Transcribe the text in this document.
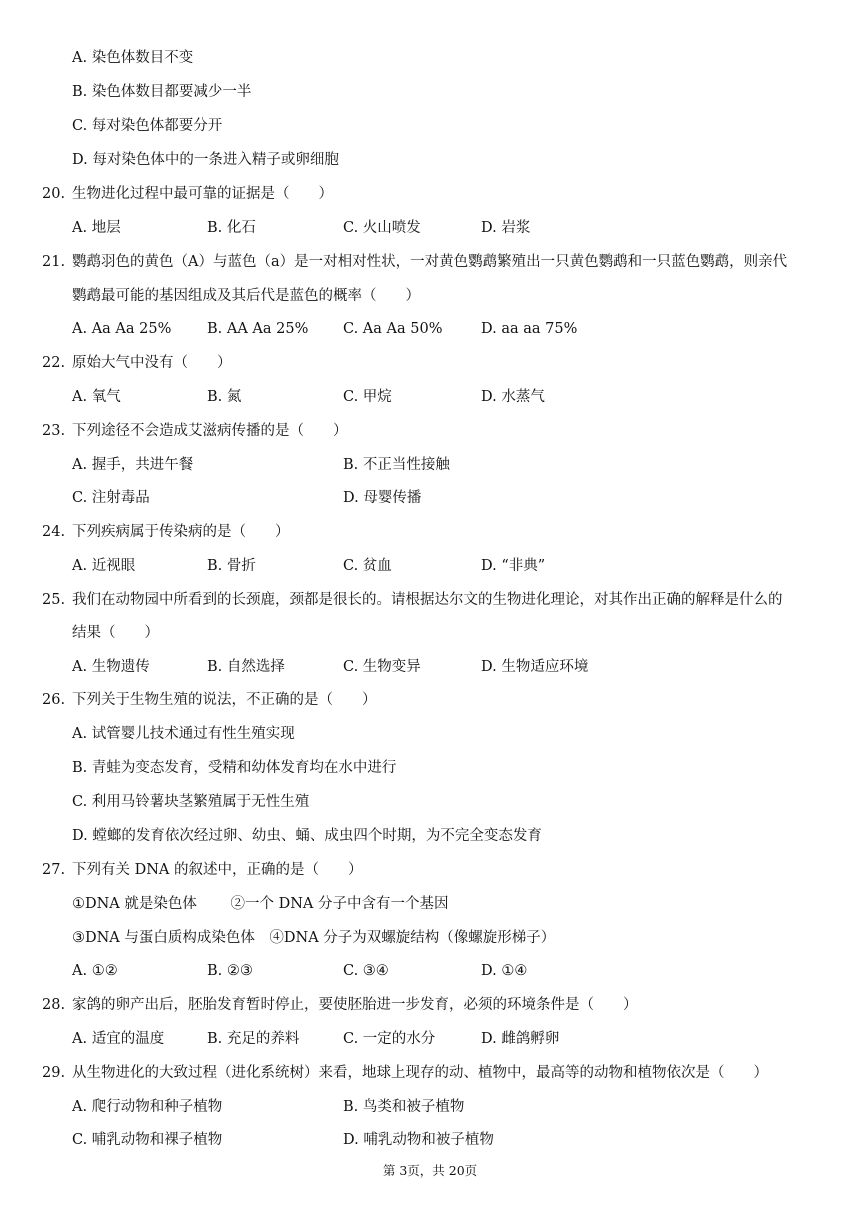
A. 染色体数目不变
B. 染色体数目都要减少一半
C. 每对染色体都要分开
D. 每对染色体中的一条进入精子或卵细胞
20. 生物进化过程中最可靠的证据是（　　）
21. 鹦鹉羽色的黄色（A）与蓝色（a）是一对相对性状，一对黄色鹦鹉繁殖出一只黄色鹦鹉和一只蓝色鹦鹉，则亲代
鹦鹉最可能的基因组成及其后代是蓝色的概率（　　）
22. 原始大气中没有（　　）
23. 下列途径不会造成艾滋病传播的是（　　）
24. 下列疾病属于传染病的是（　　）
25. 我们在动物园中所看到的长颈鹿，颈都是很长的。请根据达尔文的生物进化理论，对其作出正确的解释是什么的
结果（　　）
26. 下列关于生物生殖的说法，不正确的是（　　）
A. 试管婴儿技术通过有性生殖实现
B. 青蛙为变态发育，受精和幼体发育均在水中进行
C. 利用马铃薯块茎繁殖属于无性生殖
D. 螳螂的发育依次经过卵、幼虫、蛹、成虫四个时期，为不完全变态发育
27. 下列有关 DNA 的叙述中，正确的是（　　）
①DNA 就是染色体　　 ②一个 DNA 分子中含有一个基因
③DNA 与蛋白质构成染色体　④DNA 分子为双螺旋结构（像螺旋形梯子）
28. 家鸽的卵产出后，胚胎发育暂时停止，要使胚胎进一步发育，必须的环境条件是（　　）
29. 从生物进化的大致过程（进化系统树）来看，地球上现存的动、植物中，最高等的动物和植物依次是（　　）
A. 地层	B. 化石	C. 火山喷发	D. 岩浆
A. Aa Aa 25% B. AA Aa 25% C. Aa Aa 50%	D. aa aa 75%
A. 氧气	B. 氮	C. 甲烷	D. 水蒸气
A. 握手，共进午餐	B. 不正当性接触
C. 注射毒品	D. 母婴传播
A. 近视眼	B. 骨折	C. 贫血	D. “非典”
A. 生物遗传	B. 自然选择	C. 生物变异	D. 生物适应环境
A. ①②	B. ②③	C. ③④	D. ①④
A. 适宜的温度	B. 充足的养料	C. 一定的水分	D. 雌鸽孵卵
A. 爬行动物和种子植物	B. 鸟类和被子植物
C. 哺乳动物和裸子植物	D. 哺乳动物和被子植物
第 3页，共 20页
